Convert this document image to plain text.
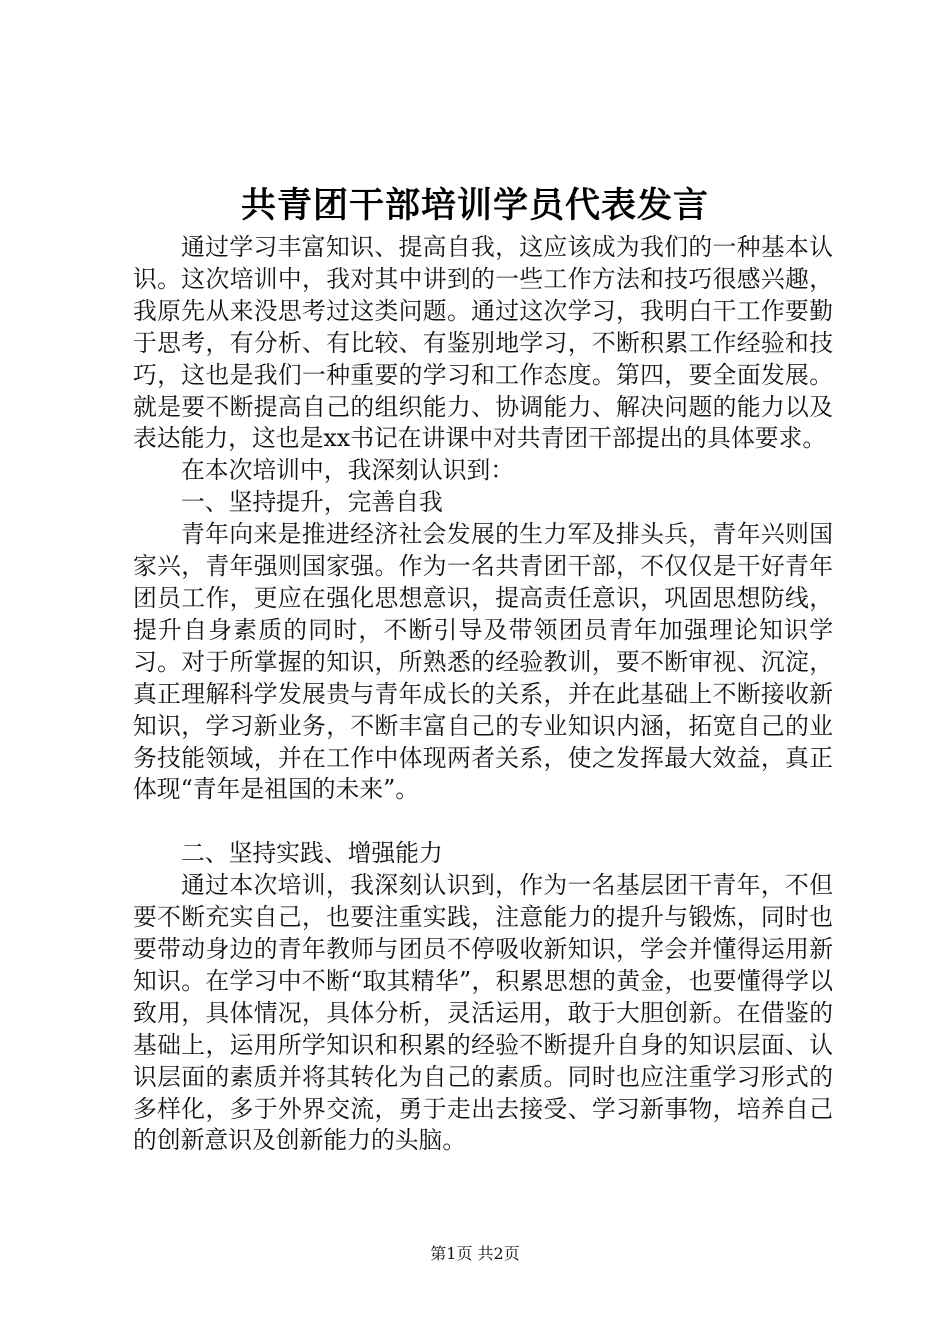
共青团干部培训学员代表发言

通过学习丰富知识、提高自我，这应该成为我们的一种基本认识。这次培训中，我对其中讲到的一些工作方法和技巧很感兴趣，我原先从来没思考过这类问题。通过这次学习，我明白干工作要勤于思考，有分析、有比较、有鉴别地学习，不断积累工作经验和技巧，这也是我们一种重要的学习和工作态度。第四，要全面发展。就是要不断提高自己的组织能力、协调能力、解决问题的能力以及表达能力，这也是xx书记在讲课中对共青团干部提出的具体要求。

在本次培训中，我深刻认识到：

一、坚持提升，完善自我

青年向来是推进经济社会发展的生力军及排头兵，青年兴则国家兴，青年强则国家强。作为一名共青团干部，不仅仅是干好青年团员工作，更应在强化思想意识，提高责任意识，巩固思想防线，提升自身素质的同时，不断引导及带领团员青年加强理论知识学习。对于所掌握的知识，所熟悉的经验教训，要不断审视、沉淀，真正理解科学发展贵与青年成长的关系，并在此基础上不断接收新知识，学习新业务，不断丰富自己的专业知识内涵，拓宽自己的业务技能领域，并在工作中体现两者关系，使之发挥最大效益，真正体现“青年是祖国的未来”。

二、坚持实践、增强能力

通过本次培训，我深刻认识到，作为一名基层团干青年，不但要不断充实自己，也要注重实践，注意能力的提升与锻炼，同时也要带动身边的青年教师与团员不停吸收新知识，学会并懂得运用新知识。在学习中不断“取其精华”，积累思想的黄金，也要懂得学以致用，具体情况，具体分析，灵活运用，敢于大胆创新。在借鉴的基础上，运用所学知识和积累的经验不断提升自身的知识层面、认识层面的素质并将其转化为自己的素质。同时也应注重学习形式的多样化，多于外界交流，勇于走出去接受、学习新事物，培养自己的创新意识及创新能力的头脑。

第1页 共2页
